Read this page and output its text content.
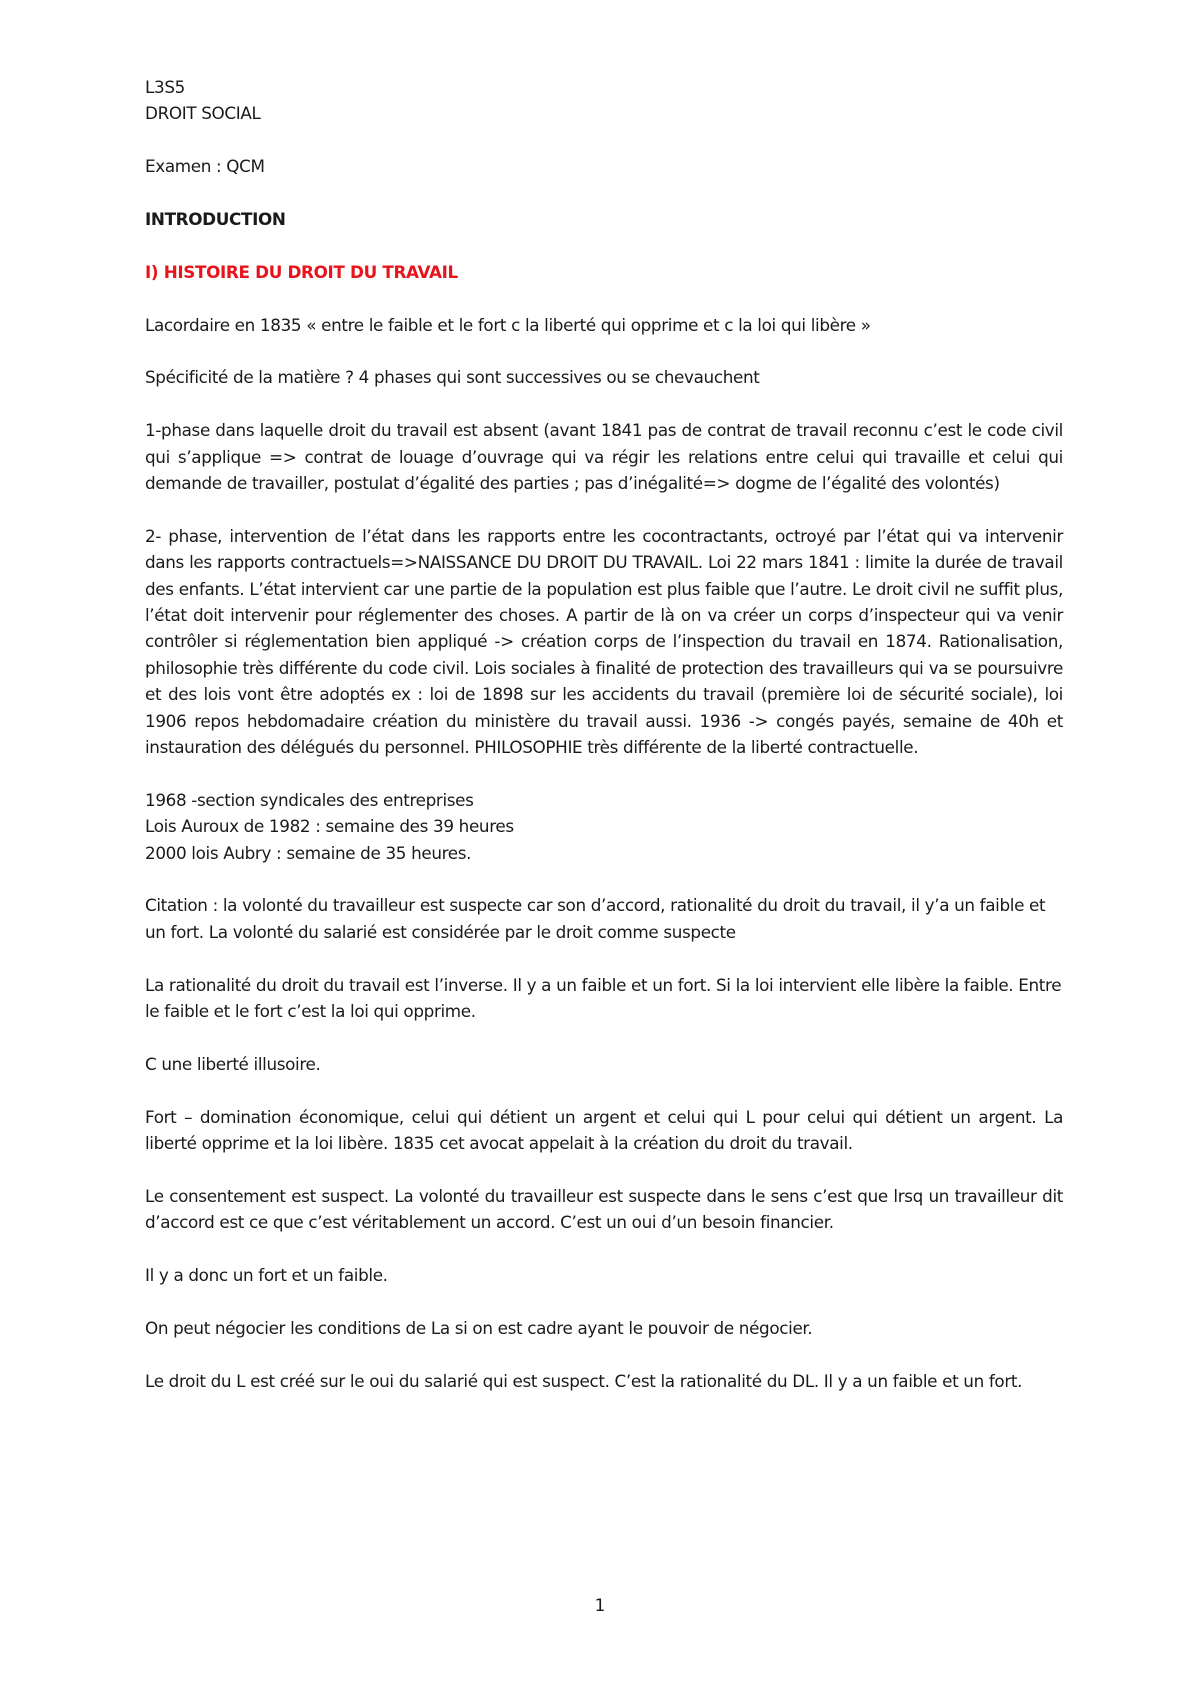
L3S5

DROIT SOCIAL

Examen : QCM

INTRODUCTION

I) HISTOIRE DU DROIT DU TRAVAIL

Lacordaire en 1835 « entre le faible et le fort c la liberté qui opprime et c la loi qui libère »

Spécificité de la matière ? 4 phases qui sont successives ou se chevauchent

1-phase dans laquelle droit du travail est absent (avant 1841 pas de contrat de travail reconnu c’est le code civil qui s’applique => contrat de louage d’ouvrage qui va régir les relations entre celui qui travaille et celui qui demande de travailler, postulat d’égalité des parties ; pas d’inégalité=> dogme de l’égalité des volontés)

2- phase, intervention de l’état dans les rapports entre les cocontractants, octroyé par l’état qui va intervenir dans les rapports contractuels=>NAISSANCE DU DROIT DU TRAVAIL. Loi 22 mars 1841 : limite la durée de travail des enfants. L’état intervient car une partie de la population est plus faible que l’autre. Le droit civil ne suffit plus, l’état doit intervenir pour réglementer des choses. A partir de là on va créer un corps d’inspecteur qui va venir contrôler si réglementation bien appliqué -> création corps de l’inspection du travail en 1874. Rationalisation, philosophie très différente du code civil. Lois sociales à finalité de protection des travailleurs qui va se poursuivre et des lois vont être adoptés ex : loi de 1898 sur les accidents du travail (première loi de sécurité sociale), loi 1906 repos hebdomadaire création du ministère du travail aussi. 1936 -> congés payés, semaine de 40h et instauration des délégués du personnel. PHILOSOPHIE très différente de la liberté contractuelle.

1968 -section syndicales des entreprises
Lois Auroux de 1982 : semaine des 39 heures
2000 lois Aubry : semaine de 35 heures.

Citation : la volonté du travailleur est suspecte car son d’accord, rationalité du droit du travail, il y’a un faible et un fort. La volonté du salarié est considérée par le droit comme suspecte

La rationalité du droit du travail est l’inverse. Il y a un faible et un fort. Si la loi intervient elle libère la faible. Entre le faible et le fort c’est la loi qui opprime.

C une liberté illusoire.

Fort – domination économique, celui qui détient un argent et celui qui L pour celui qui détient un argent. La liberté opprime et la loi libère. 1835 cet avocat appelait à la création du droit du travail.

Le consentement est suspect. La volonté du travailleur est suspecte dans le sens c’est que lrsq un travailleur dit d’accord est ce que c’est véritablement un accord. C’est un oui d’un besoin financier.

Il y a donc un fort et un faible.

On peut négocier les conditions de La si on est cadre ayant le pouvoir de négocier.

Le droit du L est créé sur le oui du salarié qui est suspect. C’est la rationalité du DL. Il y a un faible et un fort.

1
